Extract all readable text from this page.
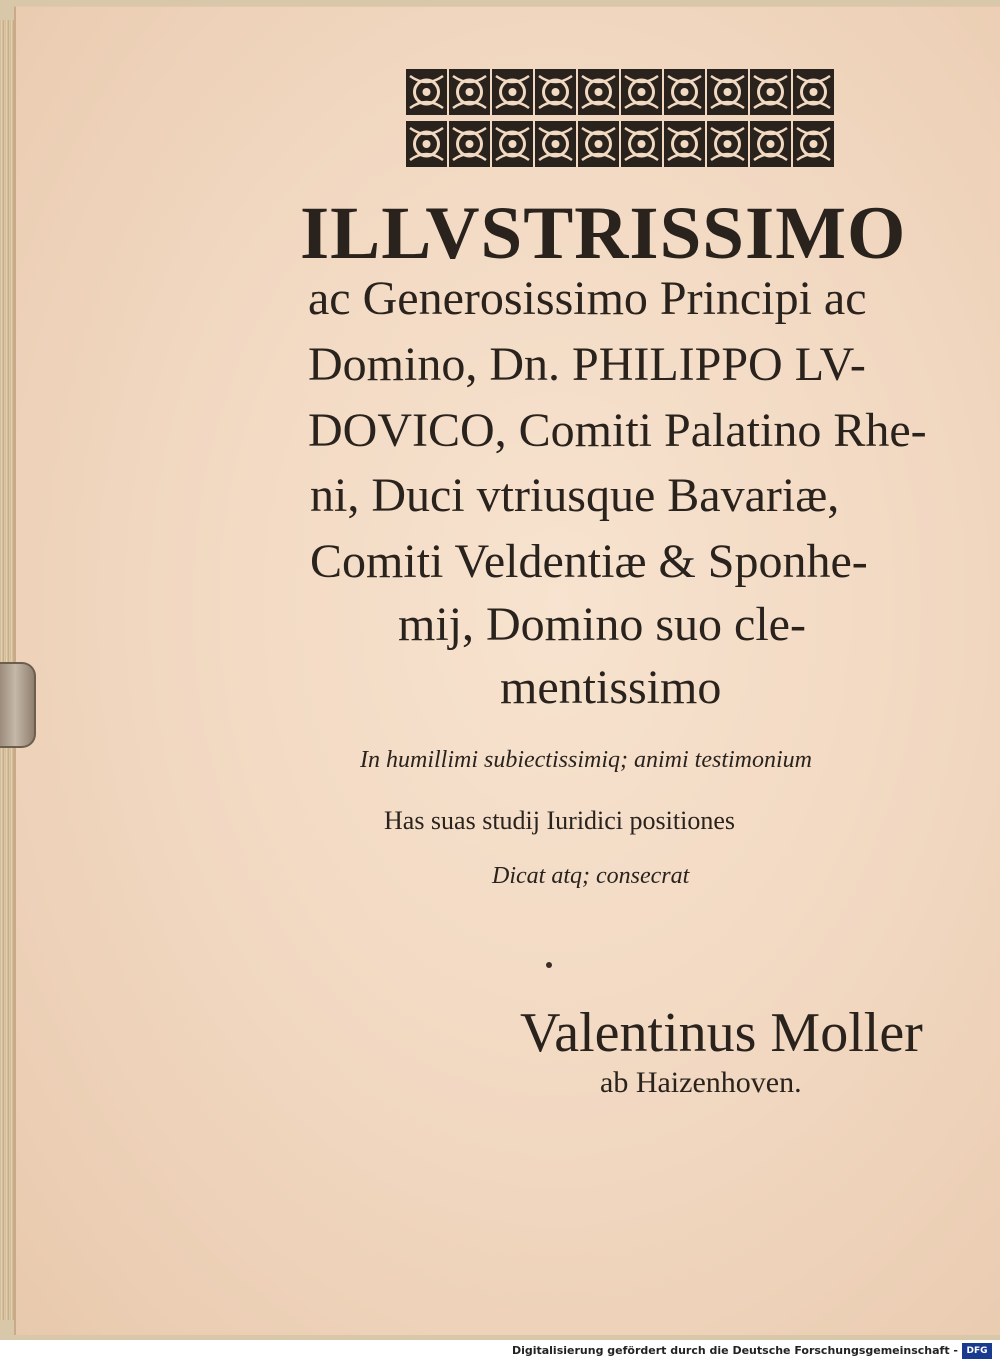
ILLVSTRISSIMO

ac Generosissimo Principi ac

Domino, Dn. PHILIPPO LV-

DOVICO, Comiti Palatino Rhe-

ni, Duci vtriusque Bavariæ,

Comiti Veldentiæ & Sponhe-

mij, Domino suo cle-

mentissimo

In humillimi subiectissimiq; animi testimonium

Has suas studij Iuridici positiones

Dicat atq; consecrat

Valentinus Moller

ab Haizenhoven.

Digitalisierung gefördert durch die Deutsche Forschungsgemeinschaft - DFG
